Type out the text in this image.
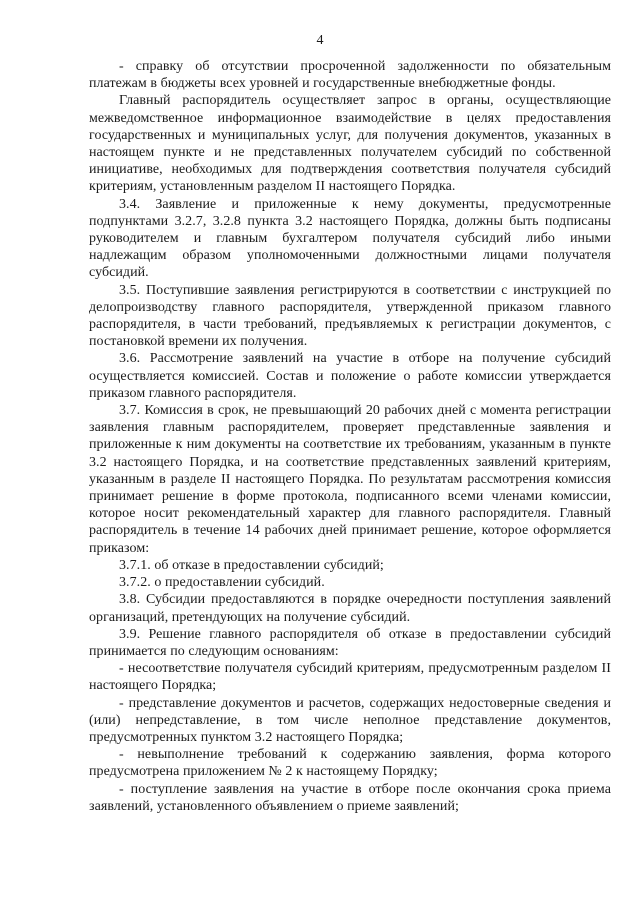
4

- справку об отсутствии просроченной задолженности по обязательным платежам в бюджеты всех уровней и государственные внебюджетные фонды.

Главный распорядитель осуществляет запрос в органы, осуществляющие межведомственное информационное взаимодействие в целях предоставления государственных и муниципальных услуг, для получения документов, указанных в настоящем пункте и не представленных получателем субсидий по собственной инициативе, необходимых для подтверждения соответствия получателя субсидий критериям, установленным разделом II настоящего Порядка.

3.4. Заявление и приложенные к нему документы, предусмотренные подпунктами 3.2.7, 3.2.8 пункта 3.2 настоящего Порядка, должны быть подписаны руководителем и главным бухгалтером получателя субсидий либо иными надлежащим образом уполномоченными должностными лицами получателя субсидий.

3.5. Поступившие заявления регистрируются в соответствии с инструкцией по делопроизводству главного распорядителя, утвержденной приказом главного распорядителя, в части требований, предъявляемых к регистрации документов, с постановкой времени их получения.

3.6. Рассмотрение заявлений на участие в отборе на получение субсидий осуществляется комиссией. Состав и положение о работе комиссии утверждается приказом главного распорядителя.

3.7. Комиссия в срок, не превышающий 20 рабочих дней с момента регистрации заявления главным распорядителем, проверяет представленные заявления и приложенные к ним документы на соответствие их требованиям, указанным в пункте 3.2 настоящего Порядка, и на соответствие представленных заявлений критериям, указанным в разделе II настоящего Порядка. По результатам рассмотрения комиссия принимает решение в форме протокола, подписанного всеми членами комиссии, которое носит рекомендательный характер для главного распорядителя. Главный распорядитель в течение 14 рабочих дней принимает решение, которое оформляется приказом:

3.7.1. об отказе в предоставлении субсидий;

3.7.2. о предоставлении субсидий.

3.8. Субсидии предоставляются в порядке очередности поступления заявлений организаций, претендующих на получение субсидий.

3.9. Решение главного распорядителя об отказе в предоставлении субсидий принимается по следующим основаниям:

- несоответствие получателя субсидий критериям, предусмотренным разделом II настоящего Порядка;

- представление документов и расчетов, содержащих недостоверные сведения и (или) непредставление, в том числе неполное представление документов, предусмотренных пунктом 3.2 настоящего Порядка;

- невыполнение требований к содержанию заявления, форма которого предусмотрена приложением № 2 к настоящему Порядку;

- поступление заявления на участие в отборе после окончания срока приема заявлений, установленного объявлением о приеме заявлений;
